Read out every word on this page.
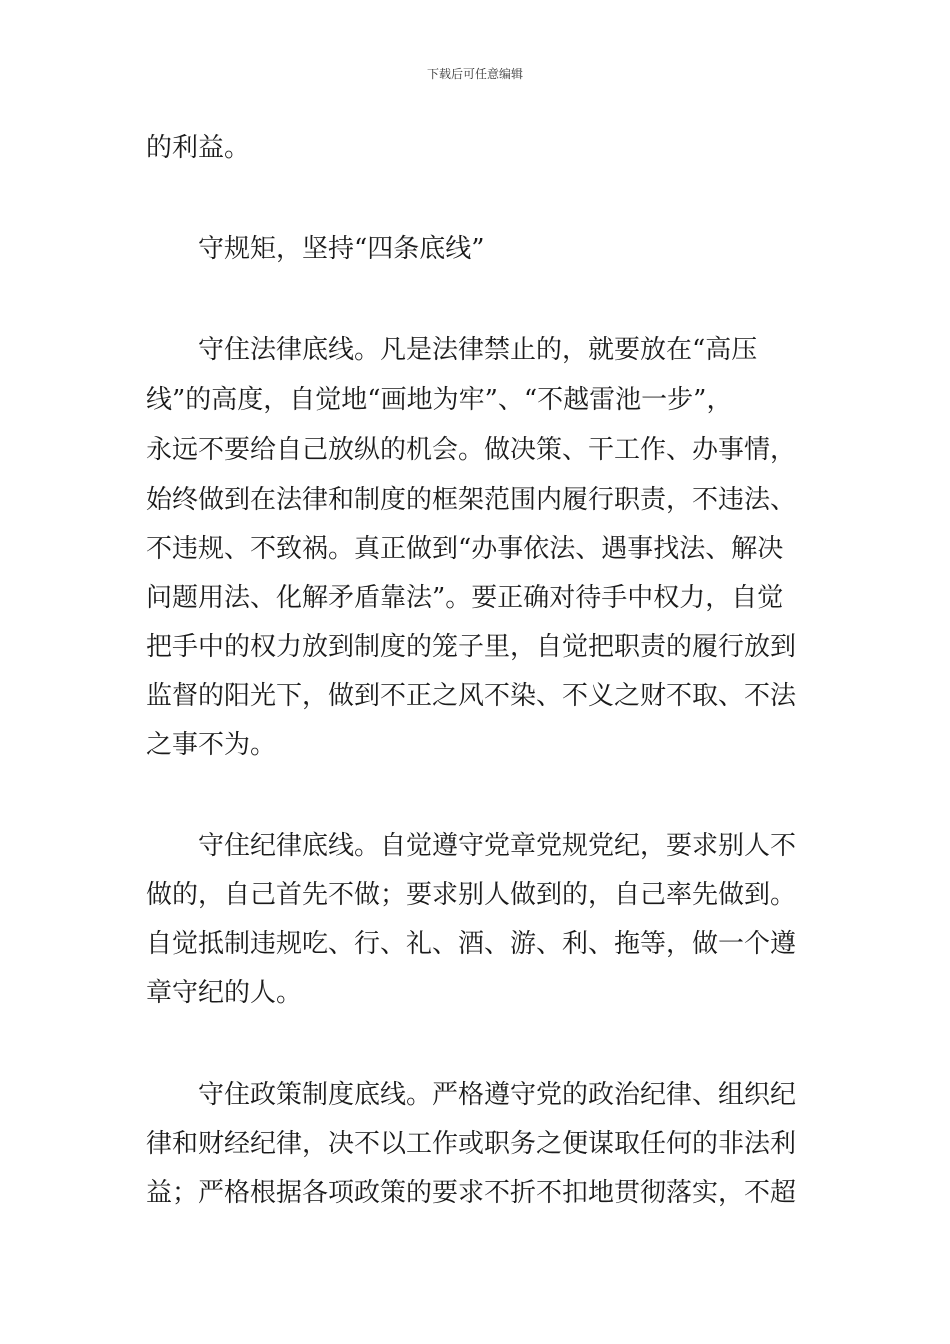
下载后可任意编辑
的利益。
守规矩，坚持“四条底线”
守住法律底线。凡是法律禁止的，就要放在“高压
线”的高度，自觉地“画地为牢”、“不越雷池一步”，
永远不要给自己放纵的机会。做决策、干工作、办事情，
始终做到在法律和制度的框架范围内履行职责，不违法、
不违规、不致祸。真正做到“办事依法、遇事找法、解决
问题用法、化解矛盾靠法”。要正确对待手中权力，自觉
把手中的权力放到制度的笼子里，自觉把职责的履行放到
监督的阳光下，做到不正之风不染、不义之财不取、不法
之事不为。
守住纪律底线。自觉遵守党章党规党纪，要求别人不
做的，自己首先不做；要求别人做到的，自己率先做到。
自觉抵制违规吃、行、礼、酒、游、利、拖等，做一个遵
章守纪的人。
守住政策制度底线。严格遵守党的政治纪律、组织纪
律和财经纪律，决不以工作或职务之便谋取任何的非法利
益；严格根据各项政策的要求不折不扣地贯彻落实，不超
